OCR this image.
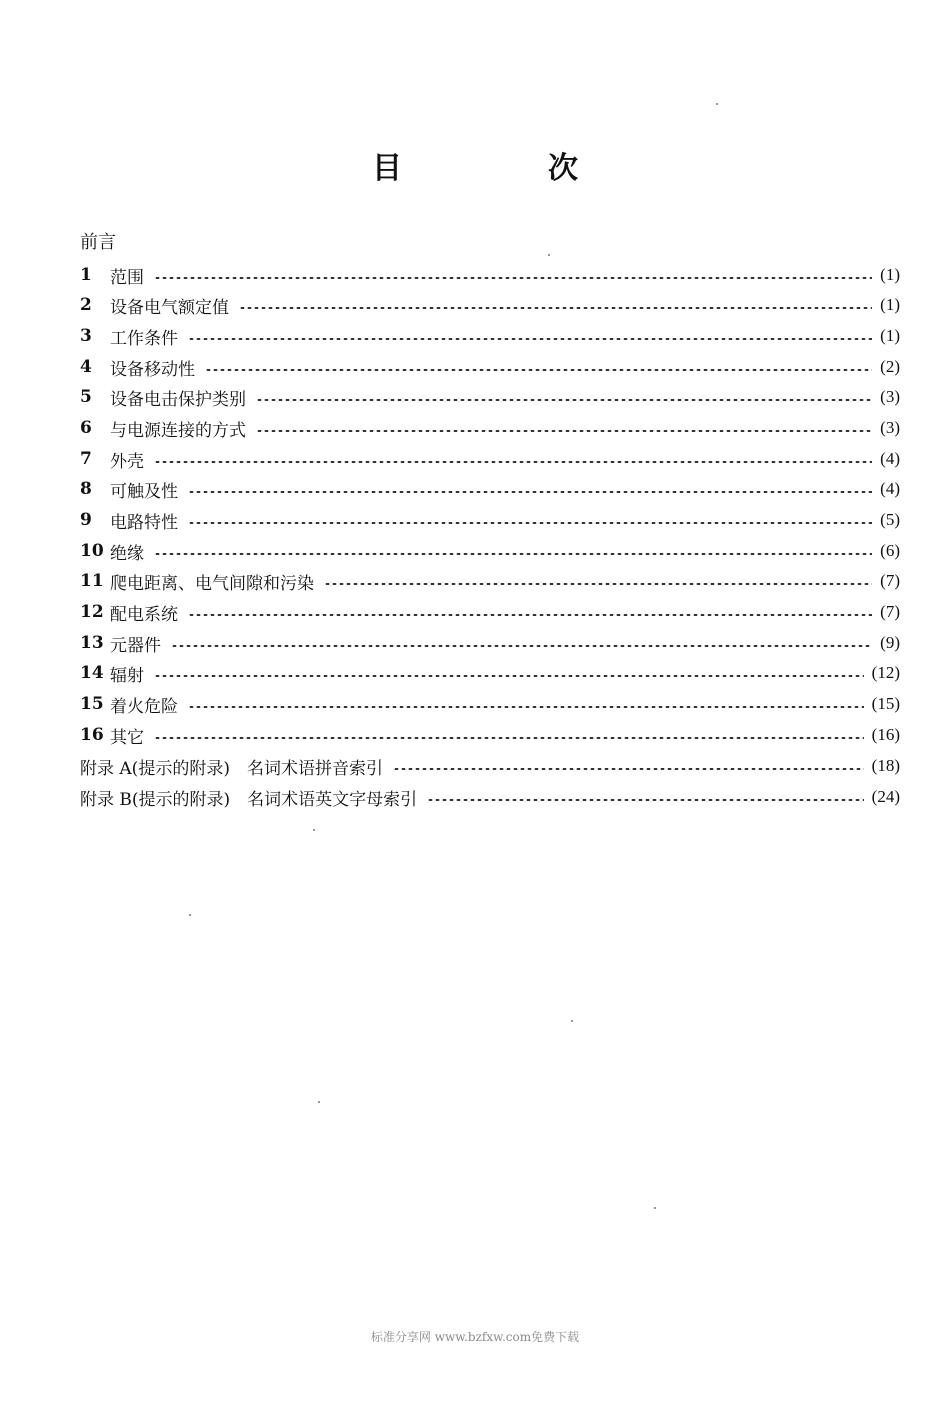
目　次
前言
1	范围	(1)
2	设备电气额定值	(1)
3	工作条件	(1)
4	设备移动性	(2)
5	设备电击保护类别	(3)
6	与电源连接的方式	(3)
7	外壳	(4)
8	可触及性	(4)
9	电路特性	(5)
10 绝缘	(6)
11 爬电距离、电气间隙和污染	(7)
12 配电系统	(7)
13 元器件	(9)
14 辐射	(12)
15 着火危险	(15)
16 其它	(16)
附录 A(提示的附录)　名词术语拼音索引	(18)
附录 B(提示的附录)　名词术语英文字母索引	(24)
标准分享网 www.bzfxw.com免费下载
